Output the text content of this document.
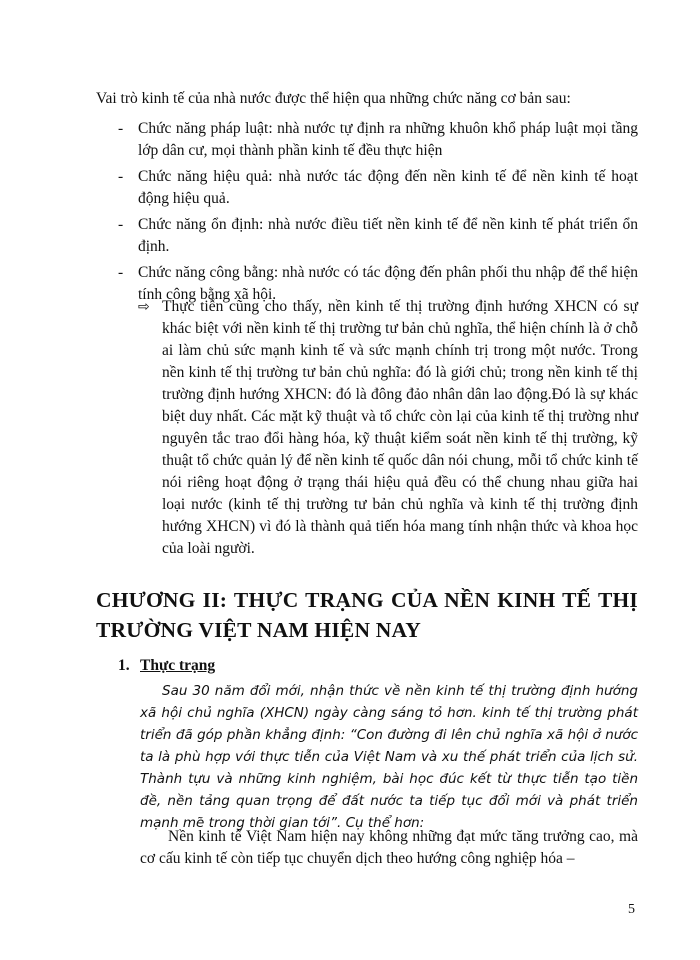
Vai trò kinh tế của nhà nước được thể hiện qua những chức năng cơ bản sau:

- Chức năng pháp luật: nhà nước tự định ra những khuôn khổ pháp luật mọi tầng lớp dân cư, mọi thành phần kinh tế đều thực hiện
- Chức năng hiệu quả: nhà nước tác động đến nền kinh tế để nền kinh tế hoạt động hiệu quả.
- Chức năng ổn định: nhà nước điều tiết nền kinh tế để nền kinh tế phát triển ổn định.
- Chức năng công bằng: nhà nước có tác động đến phân phối thu nhập để thể hiện tính công bằng xã hội.
⇨ Thực tiễn cũng cho thấy, nền kinh tế thị trường định hướng XHCN có sự khác biệt với nền kinh tế thị trường tư bản chủ nghĩa, thể hiện chính là ở chỗ ai làm chủ sức mạnh kinh tế và sức mạnh chính trị trong một nước. Trong nền kinh tế thị trường tư bản chủ nghĩa: đó là giới chủ; trong nền kinh tế thị trường định hướng XHCN: đó là đông đảo nhân dân lao động.Đó là sự khác biệt duy nhất. Các mặt kỹ thuật và tổ chức còn lại của kinh tế thị trường như nguyên tắc trao đổi hàng hóa, kỹ thuật kiểm soát nền kinh tế thị trường, kỹ thuật tổ chức quản lý để nền kinh tế quốc dân nói chung, mỗi tổ chức kinh tế nói riêng hoạt động ở trạng thái hiệu quả đều có thể chung nhau giữa hai loại nước (kinh tế thị trường tư bản chủ nghĩa và kinh tế thị trường định hướng XHCN) vì đó là thành quả tiến hóa mang tính nhận thức và khoa học của loài người.
CHƯƠNG II: THỰC TRẠNG CỦA NỀN KINH TẾ THỊ TRƯỜNG VIỆT NAM HIỆN NAY
1. Thực trạng

Sau 30 năm đổi mới, nhận thức về nền kinh tế thị trường định hướng xã hội chủ nghĩa (XHCN) ngày càng sáng tỏ hơn. kinh tế thị trường phát triển đã góp phần khẳng định: “Con đường đi lên chủ nghĩa xã hội ở nước ta là phù hợp với thực tiễn của Việt Nam và xu thế phát triển của lịch sử. Thành tựu và những kinh nghiệm, bài học đúc kết từ thực tiễn tạo tiền đề, nền tảng quan trọng để đất nước ta tiếp tục đổi mới và phát triển mạnh mẽ trong thời gian tới”. Cụ thể hơn:

Nền kinh tế Việt Nam hiện nay không những đạt mức tăng trưởng cao, mà cơ cấu kinh tế còn tiếp tục chuyển dịch theo hướng công nghiệp hóa –

5
